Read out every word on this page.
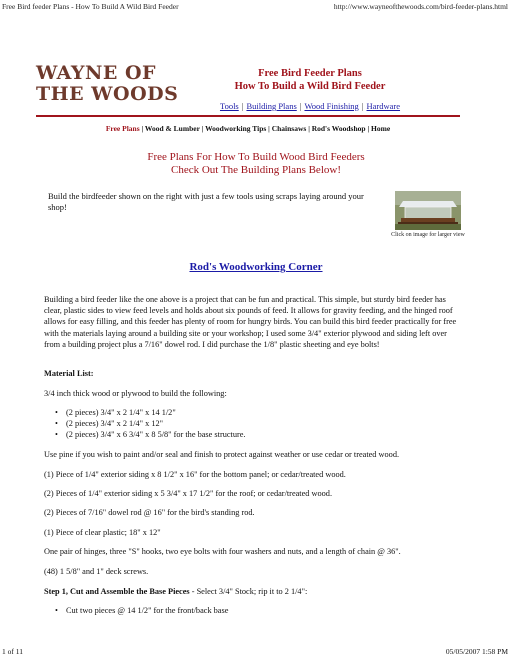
Free Bird feeder Plans - How To Build A Wild Bird Feeder	http://www.wayneofthewoods.com/bird-feeder-plans.html
WAYNE OF
THE WOODS
Free Bird Feeder Plans
How To Build a Wild Bird Feeder
Tools | Building Plans | Wood Finishing | Hardware
Free Plans | Wood & Lumber | Woodworking Tips | Chainsaws | Rod's Woodshop | Home
Free Plans For How To Build Wood Bird Feeders
Check Out The Building Plans Below!
Build the birdfeeder shown on the right with just a few tools using scraps laying around your shop!
Click on image for larger view
Rod's Woodworking Corner
Building a bird feeder like the one above is a project that can be fun and practical. This simple, but sturdy bird feeder has clear, plastic sides to view feed levels and holds about six pounds of feed. It allows for gravity feeding, and the hinged roof allows for easy filling, and this feeder has plenty of room for hungry birds. You can build this bird feeder practically for free with the materials laying around a building site or your workshop; I used some 3/4" exterior plywood and siding left over from a building project plus a 7/16" dowel rod. I did purchase the 1/8" plastic sheeting and eye bolts!
Material List:
3/4 inch thick wood or plywood to build the following:
• (2 pieces) 3/4" x 2 1/4" x 14 1/2"
• (2 pieces) 3/4" x 2 1/4" x 12"
• (2 pieces) 3/4" x 6 3/4" x 8 5/8" for the base structure.
Use pine if you wish to paint and/or seal and finish to protect against weather or use cedar or treated wood.
(1) Piece of 1/4" exterior siding x 8 1/2" x 16" for the bottom panel; or cedar/treated wood.
(2) Pieces of 1/4" exterior siding x 5 3/4" x 17 1/2" for the roof; or cedar/treated wood.
(2) Pieces of 7/16" dowel rod @ 16" for the bird's standing rod.
(1) Piece of clear plastic; 18" x 12"
One pair of hinges, three "S" hooks, two eye bolts with four washers and nuts, and a length of chain @ 36".
(48) 1 5/8" and 1" deck screws.
Step 1, Cut and Assemble the Base Pieces - Select 3/4" Stock; rip it to 2 1/4":
• Cut two pieces @ 14 1/2" for the front/back base
1 of 11	05/05/2007 1:58 PM
